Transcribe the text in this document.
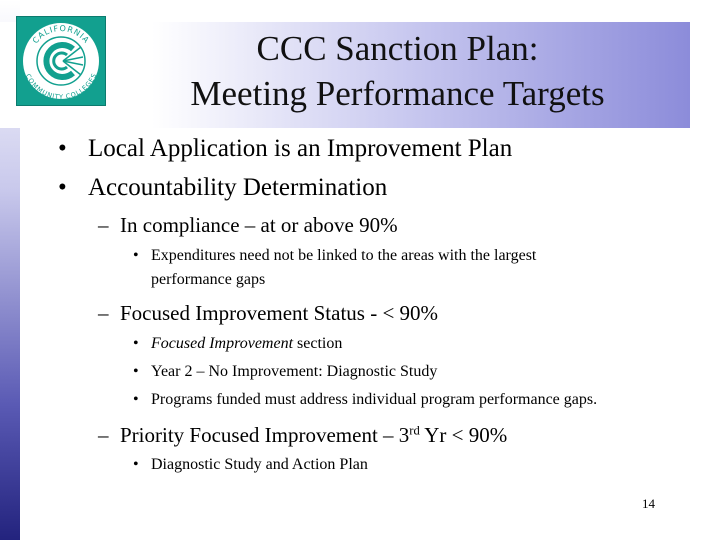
CALIFORNIA
COMMUNITY COLLEGES
CCC Sanction Plan:
Meeting Performance Targets
• Local Application is an Improvement Plan
• Accountability Determination
– In compliance – at or above 90%
• Expenditures need not be linked to the areas with the largest
performance gaps
– Focused Improvement Status - < 90%
• Focused Improvement section
• Year 2 – No Improvement: Diagnostic Study
• Programs funded must address individual program performance gaps.
– Priority Focused Improvement – 3rd Yr < 90%
• Diagnostic Study and Action Plan
14
